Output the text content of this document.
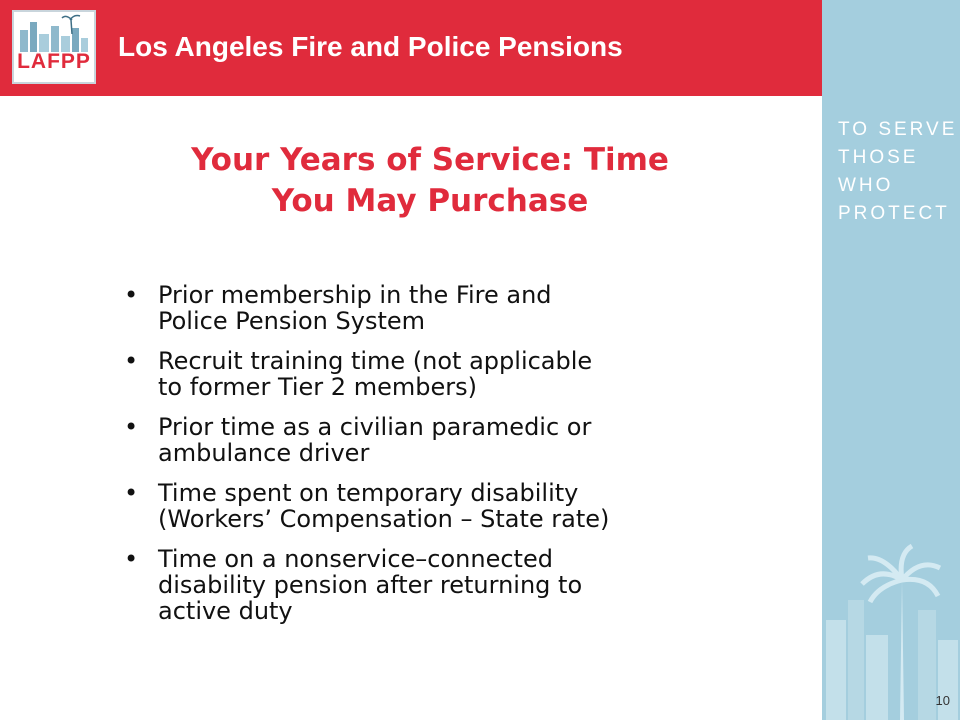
LAFPP Los Angeles Fire and Police Pensions
TO SERVE
THOSE
WHO
PROTECT
Your Years of Service: Time
You May Purchase
• Prior membership in the Fire and
Police Pension System
• Recruit training time (not applicable
to former Tier 2 members)
• Prior time as a civilian paramedic or
ambulance driver
• Time spent on temporary disability
(Workers’ Compensation – State rate)
• Time on a nonservice–connected
disability pension after returning to
active duty
10
